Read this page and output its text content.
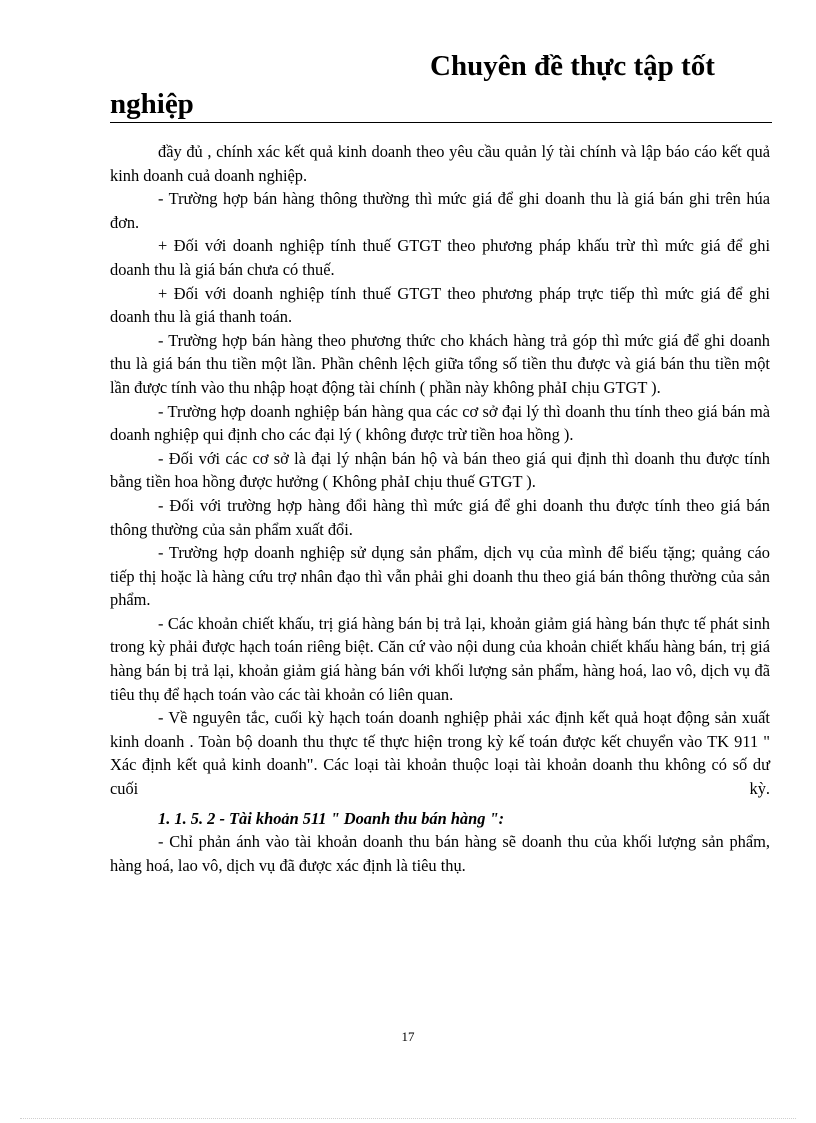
Chuyên đề thực tập tốt
nghiệp

đầy đủ , chính xác kết quả kinh doanh theo yêu cầu quản lý tài chính và lập báo cáo kết quả kinh doanh cuả doanh nghiệp.

- Trường hợp bán hàng thông thường thì mức giá để ghi doanh thu là giá bán ghi trên húa đơn.

+ Đối với doanh nghiệp tính thuế GTGT theo phương pháp khấu trừ thì mức giá để ghi doanh thu là giá bán chưa có thuế.

+ Đối với doanh nghiệp tính thuế GTGT theo phương pháp trực tiếp thì mức giá để ghi doanh thu là giá thanh toán.

- Trường hợp bán hàng theo phương thức cho khách hàng trả góp thì mức giá để ghi doanh thu là giá bán thu tiền một lần. Phần chênh lệch giữa tổng số tiền thu được và giá bán thu tiền một lần được tính vào thu nhập hoạt động tài chính ( phần này không phảI chịu GTGT ).

- Trường hợp doanh nghiệp bán hàng qua các cơ sở đại lý thì doanh thu tính theo giá bán mà doanh nghiệp qui định cho các đại lý ( không được trừ tiền hoa hồng ).

- Đối với các cơ sở là đại lý nhận bán hộ và bán theo giá qui định thì doanh thu được tính bằng tiền hoa hồng được hưởng ( Không phảI chịu thuế GTGT ).

- Đối với trường hợp hàng đổi hàng thì mức giá để ghi doanh thu được tính theo giá bán thông thường của sản phẩm xuất đổi.

- Trường hợp doanh nghiệp sử dụng sản phẩm, dịch vụ của mình để biếu tặng; quảng cáo tiếp thị hoặc là hàng cứu trợ nhân đạo thì vẫn phải ghi doanh thu theo giá bán thông thường của sản phẩm.

- Các khoản chiết khấu, trị giá hàng bán bị trả lại, khoản giảm giá hàng bán thực tế phát sinh trong kỳ phải được hạch toán riêng biệt. Căn cứ vào nội dung của khoản chiết khấu hàng bán, trị giá hàng bán bị trả lại, khoản giảm giá hàng bán với khối lượng sản phẩm, hàng hoá, lao vô, dịch vụ đã tiêu thụ để hạch toán vào các tài khoản có liên quan.

- Về nguyên tắc, cuối kỳ hạch toán doanh nghiệp phải xác định kết quả hoạt động sản xuất kinh doanh . Toàn bộ doanh thu thực tế thực hiện trong kỳ kế toán được kết chuyển vào TK 911 " Xác định kết quả kinh doanh". Các loại tài khoản thuộc loại tài khoản doanh thu không có số dư cuối kỳ.

1. 1. 5. 2 - Tài khoản 511 " Doanh thu bán hàng ":

- Chỉ phản ánh vào tài khoản doanh thu bán hàng sẽ doanh thu của khối lượng sản phẩm, hàng hoá, lao vô, dịch vụ đã được xác định là tiêu thụ.

17
